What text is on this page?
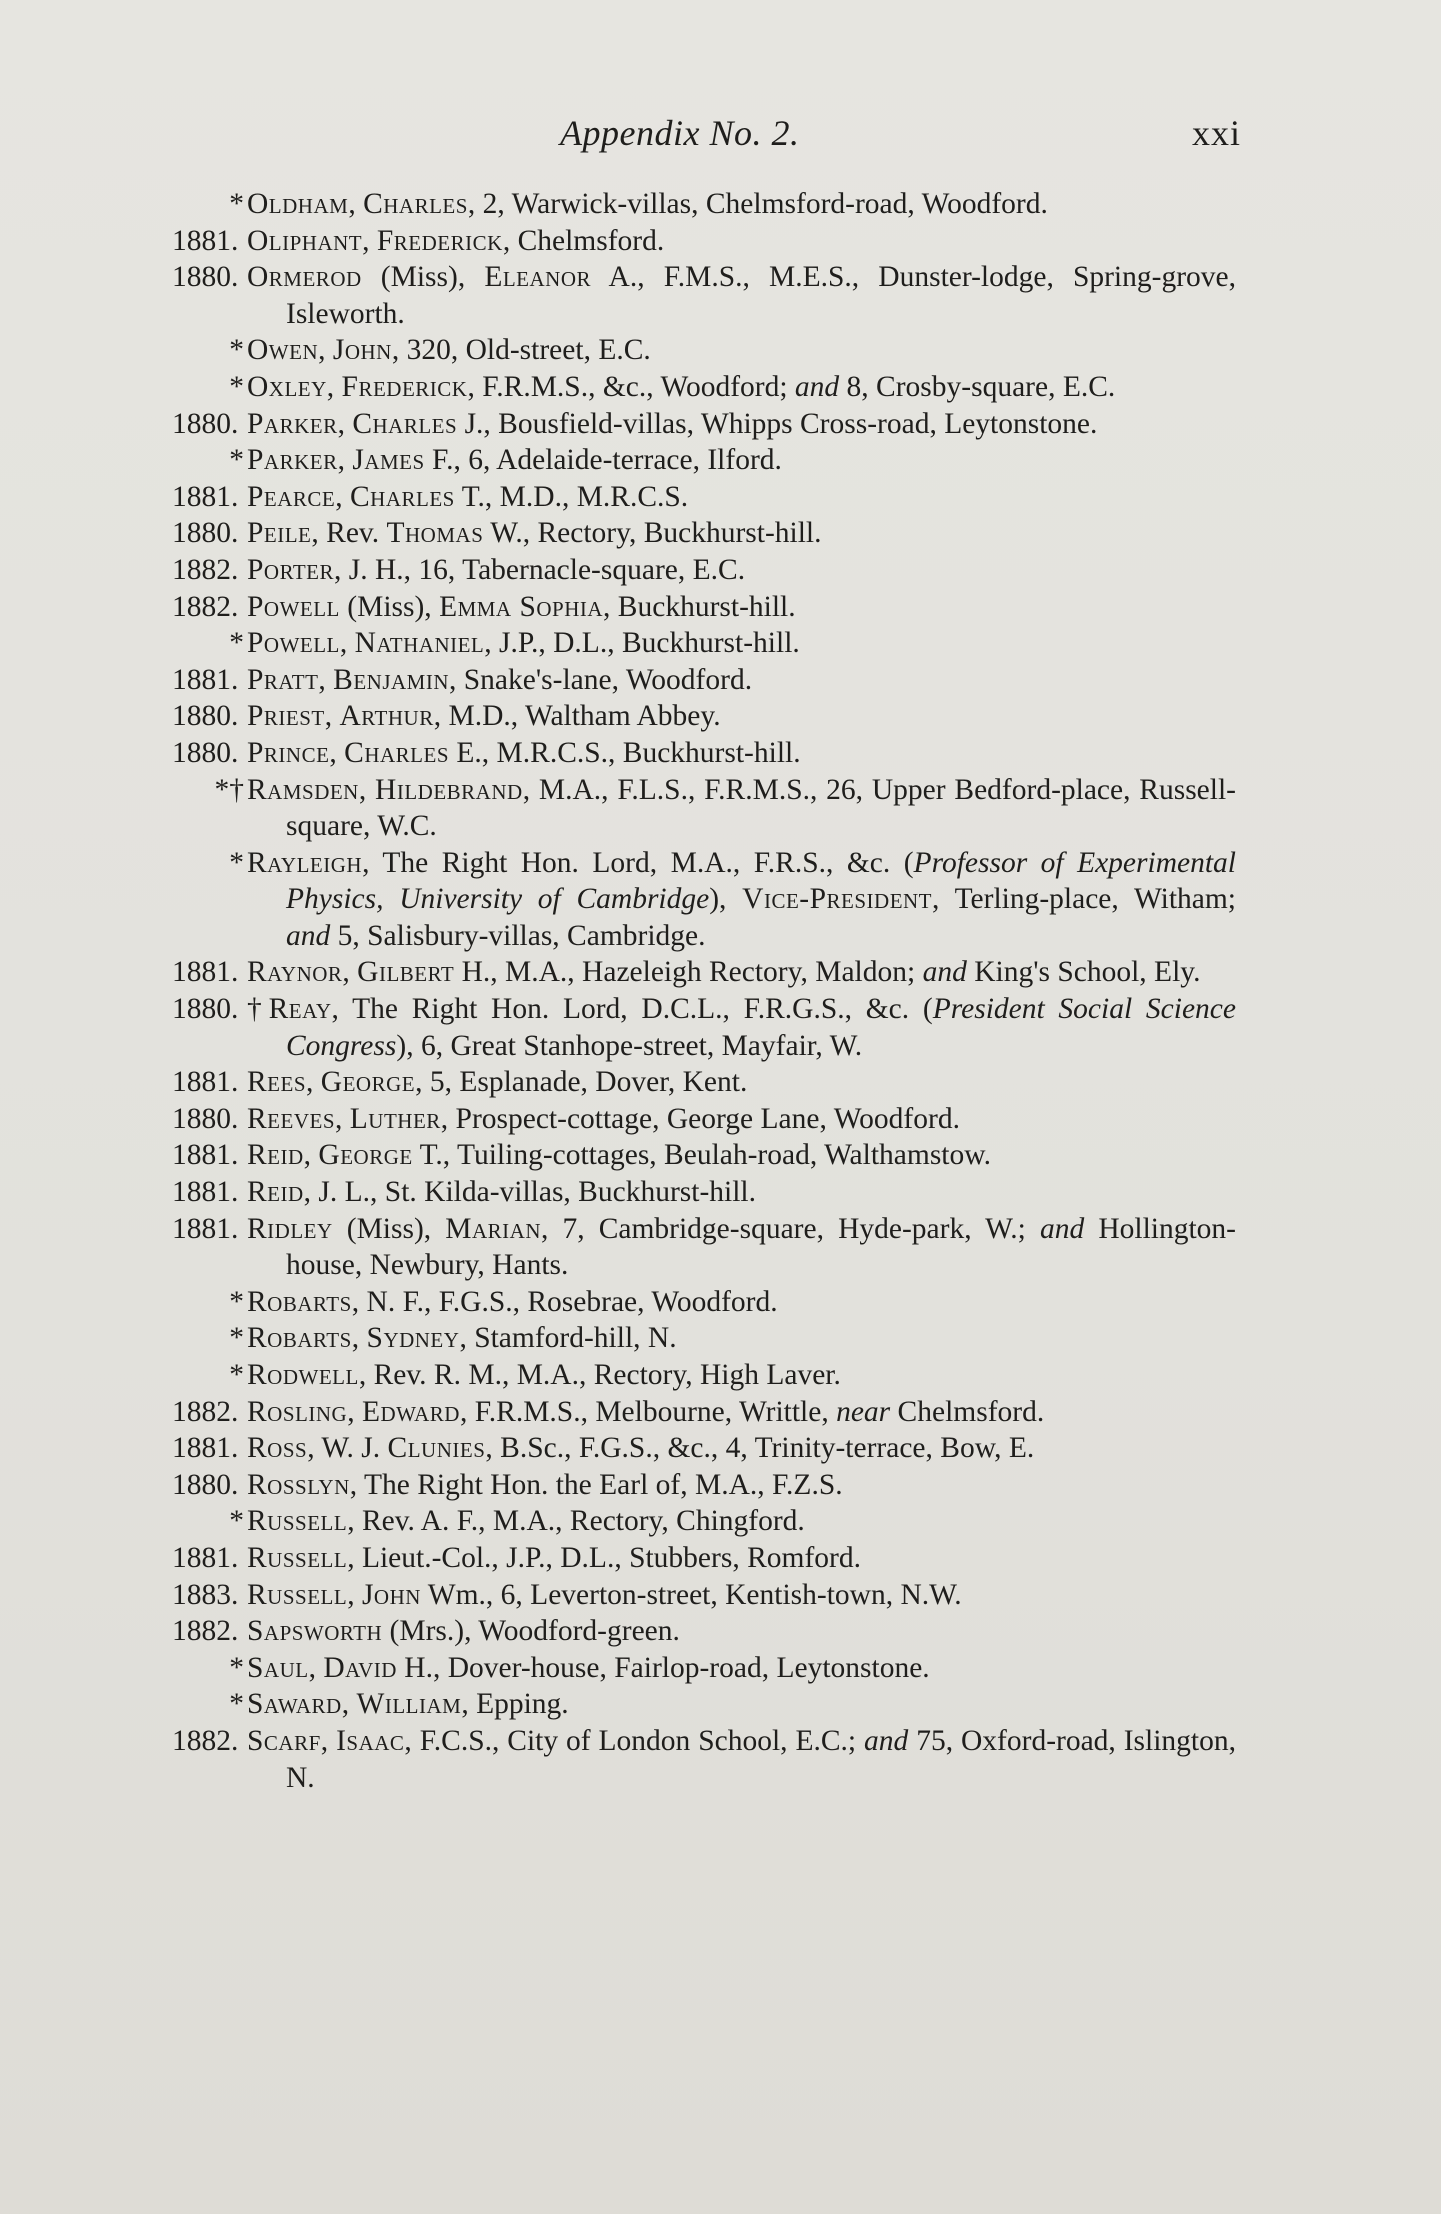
Appendix No. 2.	xxi
* Oldham, Charles, 2, Warwick-villas, Chelmsford-road, Woodford.
1881. Oliphant, Frederick, Chelmsford.
1880. Ormerod (Miss), Eleanor A., F.M.S., M.E.S., Dunster-lodge, Spring-grove, Isleworth.
* Owen, John, 320, Old-street, E.C.
* Oxley, Frederick, F.R.M.S., &c., Woodford; and 8, Crosby-square, E.C.
1880. Parker, Charles J., Bousfield-villas, Whipps Cross-road, Leytonstone.
* Parker, James F., 6, Adelaide-terrace, Ilford.
1881. Pearce, Charles T., M.D., M.R.C.S.
1880. Peile, Rev. Thomas W., Rectory, Buckhurst-hill.
1882. Porter, J. H., 16, Tabernacle-square, E.C.
1882. Powell (Miss), Emma Sophia, Buckhurst-hill.
* Powell, Nathaniel, J.P., D.L., Buckhurst-hill.
1881. Pratt, Benjamin, Snake's-lane, Woodford.
1880. Priest, Arthur, M.D., Waltham Abbey.
1880. Prince, Charles E., M.R.C.S., Buckhurst-hill.
*† Ramsden, Hildebrand, M.A., F.L.S., F.R.M.S., 26, Upper Bedford-place, Russell-square, W.C.
* Rayleigh, The Right Hon. Lord, M.A., F.R.S., &c. (Professor of Experimental Physics, University of Cambridge), Vice-President, Terling-place, Witham; and 5, Salisbury-villas, Cambridge.
1881. Raynor, Gilbert H., M.A., Hazeleigh Rectory, Maldon; and King's School, Ely.
1880. †Reay, The Right Hon. Lord, D.C.L., F.R.G.S., &c. (President Social Science Congress), 6, Great Stanhope-street, Mayfair, W.
1881. Rees, George, 5, Esplanade, Dover, Kent.
1880. Reeves, Luther, Prospect-cottage, George Lane, Woodford.
1881. Reid, George T., Tuiling-cottages, Beulah-road, Walthamstow.
1881. Reid, J. L., St. Kilda-villas, Buckhurst-hill.
1881. Ridley (Miss), Marian, 7, Cambridge-square, Hyde-park, W.; and Hollington-house, Newbury, Hants.
* Robarts, N. F., F.G.S., Rosebrae, Woodford.
* Robarts, Sydney, Stamford-hill, N.
* Rodwell, Rev. R. M., M.A., Rectory, High Laver.
1882. Rosling, Edward, F.R.M.S., Melbourne, Writtle, near Chelmsford.
1881. Ross, W. J. Clunies, B.Sc., F.G.S., &c., 4, Trinity-terrace, Bow, E.
1880. Rosslyn, The Right Hon. the Earl of, M.A., F.Z.S.
* Russell, Rev. A. F., M.A., Rectory, Chingford.
1881. Russell, Lieut.-Col., J.P., D.L., Stubbers, Romford.
1883. Russell, John Wm., 6, Leverton-street, Kentish-town, N.W.
1882. Sapsworth (Mrs.), Woodford-green.
* Saul, David H., Dover-house, Fairlop-road, Leytonstone.
* Saward, William, Epping.
1882. Scarf, Isaac, F.C.S., City of London School, E.C.; and 75, Oxford-road, Islington, N.
